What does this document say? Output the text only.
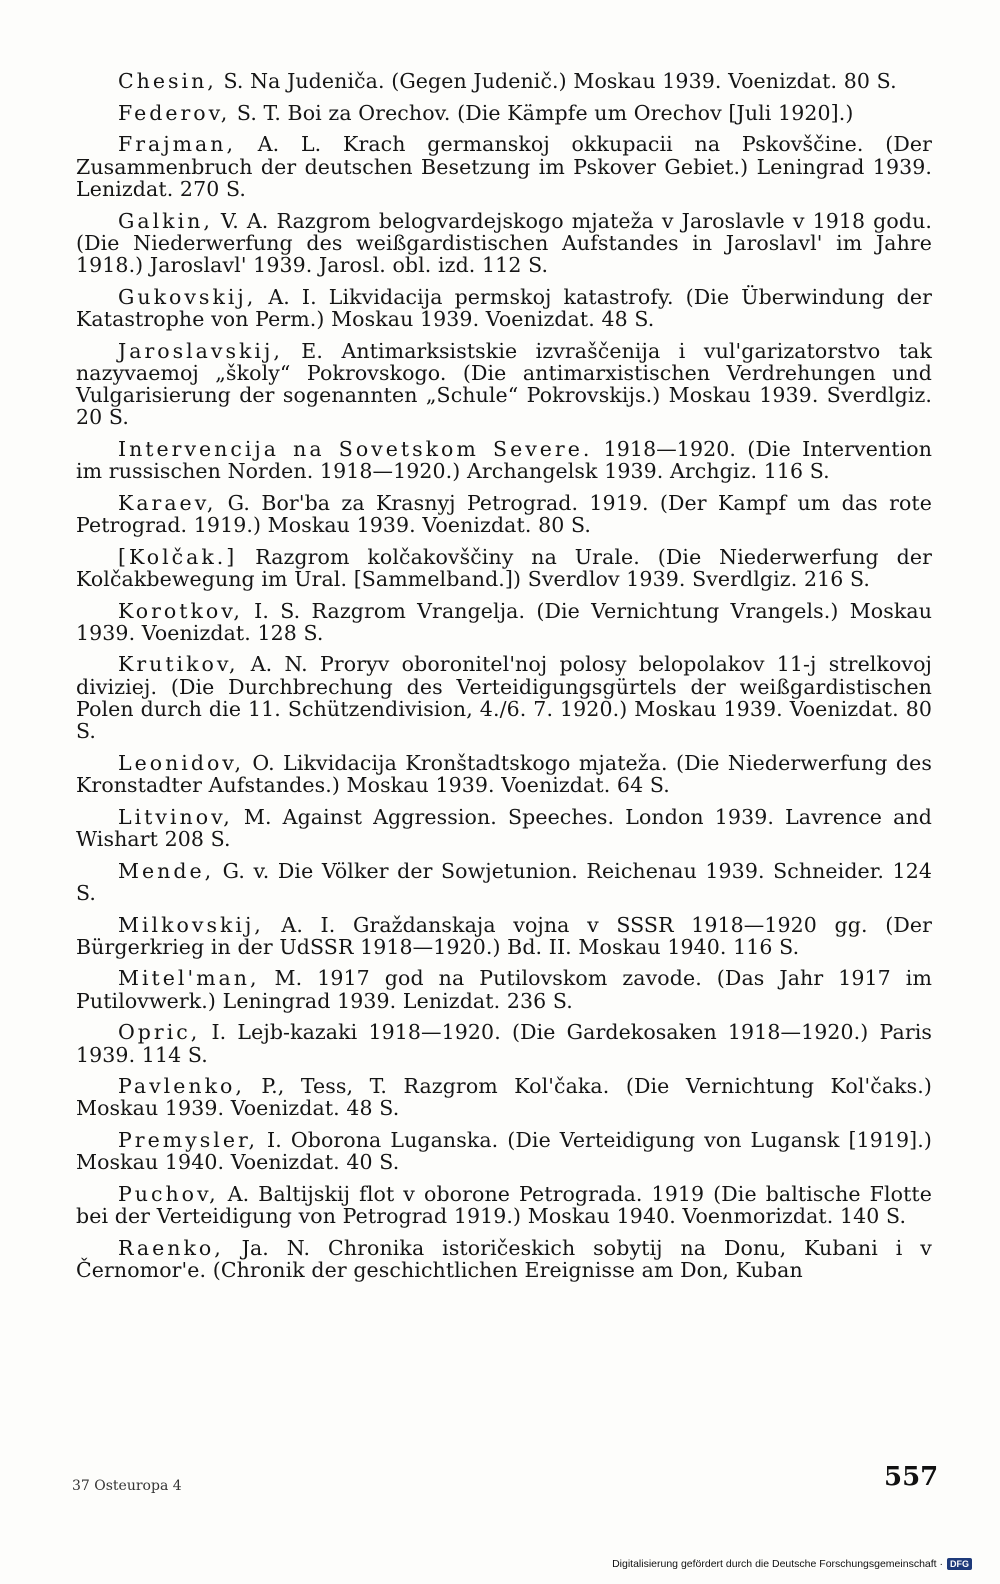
Chesin, S. Na Judeniča. (Gegen Judenič.) Moskau 1939. Voenizdat. 80 S.

Federov, S. T. Boi za Orechov. (Die Kämpfe um Orechov [Juli 1920].)

Frajman, A. L. Krach germanskoj okkupacii na Pskovščine. (Der Zusammenbruch der deutschen Besetzung im Pskover Gebiet.) Leningrad 1939. Lenizdat. 270 S.

Galkin, V. A. Razgrom belogvardejskogo mjateža v Jaroslavle v 1918 godu. (Die Niederwerfung des weißgardistischen Aufstandes in Jaroslavl' im Jahre 1918.) Jaroslavl' 1939. Jarosl. obl. izd. 112 S.

Gukovskij, A. I. Likvidacija permskoj katastrofy. (Die Überwindung der Katastrophe von Perm.) Moskau 1939. Voenizdat. 48 S.

Jaroslavskij, E. Antimarksistskie izvraščenija i vul'garizatorstvo tak nazyvaemoj „školy“ Pokrovskogo. (Die antimarxistischen Verdrehungen und Vulgarisierung der sogenannten „Schule“ Pokrovskijs.) Moskau 1939. Sverdlgiz. 20 S.

Intervencija na Sovetskom Severe. 1918—1920. (Die Intervention im russischen Norden. 1918—1920.) Archangelsk 1939. Archgiz. 116 S.

Karaev, G. Bor'ba za Krasnyj Petrograd. 1919. (Der Kampf um das rote Petrograd. 1919.) Moskau 1939. Voenizdat. 80 S.

[Kolčak.] Razgrom kolčakovščiny na Urale. (Die Niederwerfung der Kolčakbewegung im Ural. [Sammelband.]) Sverdlov 1939. Sverdlgiz. 216 S.

Korotkov, I. S. Razgrom Vrangelja. (Die Vernichtung Vrangels.) Moskau 1939. Voenizdat. 128 S.

Krutikov, A. N. Proryv oboronitel'noj polosy belopolakov 11-j strelkovoj diviziej. (Die Durchbrechung des Verteidigungsgürtels der weißgardistischen Polen durch die 11. Schützendivision, 4./6. 7. 1920.) Moskau 1939. Voenizdat. 80 S.

Leonidov, O. Likvidacija Kronštadtskogo mjateža. (Die Niederwerfung des Kronstadter Aufstandes.) Moskau 1939. Voenizdat. 64 S.

Litvinov, M. Against Aggression. Speeches. London 1939. Lavrence and Wishart 208 S.

Mende, G. v. Die Völker der Sowjetunion. Reichenau 1939. Schneider. 124 S.

Milkovskij, A. I. Graždanskaja vojna v SSSR 1918—1920 gg. (Der Bürgerkrieg in der UdSSR 1918—1920.) Bd. II. Moskau 1940. 116 S.

Mitel'man, M. 1917 god na Putilovskom zavode. (Das Jahr 1917 im Putilovwerk.) Leningrad 1939. Lenizdat. 236 S.

Opric, I. Lejb-kazaki 1918—1920. (Die Gardekosaken 1918—1920.) Paris 1939. 114 S.

Pavlenko, P., Tess, T. Razgrom Kol'čaka. (Die Vernichtung Kol'čaks.) Moskau 1939. Voenizdat. 48 S.

Premysler, I. Oborona Luganska. (Die Verteidigung von Lugansk [1919].) Moskau 1940. Voenizdat. 40 S.

Puchov, A. Baltijskij flot v oborone Petrograda. 1919 (Die baltische Flotte bei der Verteidigung von Petrograd 1919.) Moskau 1940. Voenmorizdat. 140 S.

Raenko, Ja. N. Chronika istoričeskich sobytij na Donu, Kubani i v Černomor'e. (Chronik der geschichtlichen Ereignisse am Don, Kuban

37 Osteuropa 4	557
Digitalisierung gefördert durch die Deutsche Forschungsgemeinschaft · DFG
